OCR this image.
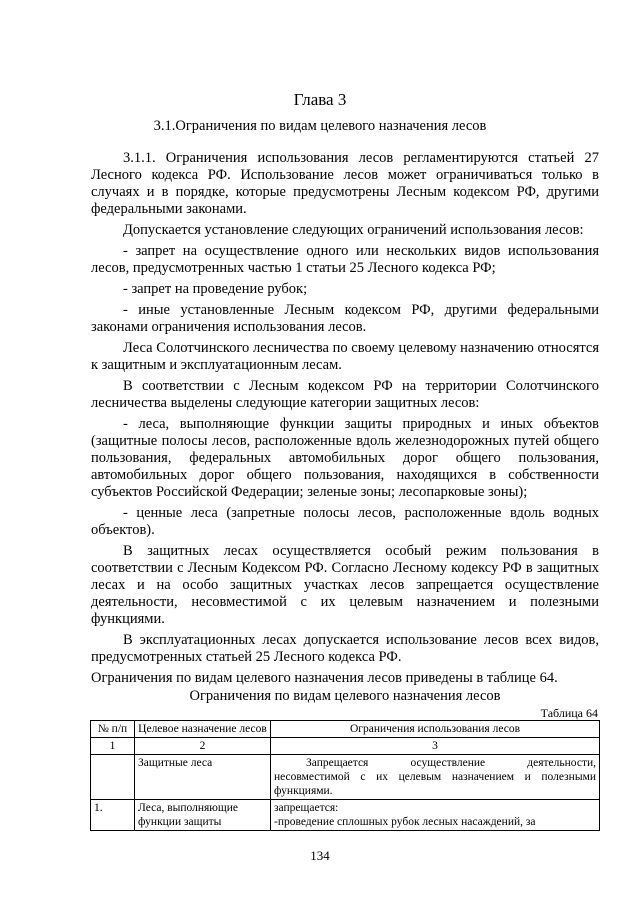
Глава 3
3.1.Ограничения по видам целевого назначения лесов

3.1.1. Ограничения использования лесов регламентируются статьей 27 Лесного кодекса РФ. Использование лесов может ограничиваться только в случаях и в порядке, которые предусмотрены Лесным кодексом РФ, другими федеральными законами.

Допускается установление следующих ограничений использования лесов:

- запрет на осуществление одного или нескольких видов использования лесов, предусмотренных частью 1 статьи 25 Лесного кодекса РФ;

- запрет на проведение рубок;

- иные установленные Лесным кодексом РФ, другими федеральными законами ограничения использования лесов.

Леса Солотчинского лесничества по своему целевому назначению относятся к защитным и эксплуатационным лесам.

В соответствии с Лесным кодексом РФ на территории Солотчинского лесничества выделены следующие категории защитных лесов:

- леса, выполняющие функции защиты природных и иных объектов (защитные полосы лесов, расположенные вдоль железнодорожных путей общего пользования, федеральных автомобильных дорог общего пользования, автомобильных дорог общего пользования, находящихся в собственности субъектов Российской Федерации; зеленые зоны; лесопарковые зоны);

- ценные леса (запретные полосы лесов, расположенные вдоль водных объектов).

В защитных лесах осуществляется особый режим пользования в соответствии с Лесным Кодексом РФ. Согласно Лесному кодексу РФ в защитных лесах и на особо защитных участках лесов запрещается осуществление деятельности, несовместимой с их целевым назначением и полезными функциями.

В эксплуатационных лесах допускается использование лесов всех видов, предусмотренных статьей 25 Лесного кодекса РФ.

Ограничения по видам целевого назначения лесов приведены в таблице 64.

Ограничения по видам целевого назначения лесов
Таблица 64
№ п/п	Целевое назначение лесов	Ограничения использования лесов
1	2	3
	Защитные леса	Запрещается осуществление деятельности, несовместимой с их целевым назначением и полезными функциями.
1.	Леса, выполняющие функции защиты	запрещается:
-проведение сплошных рубок лесных насаждений, за
134
